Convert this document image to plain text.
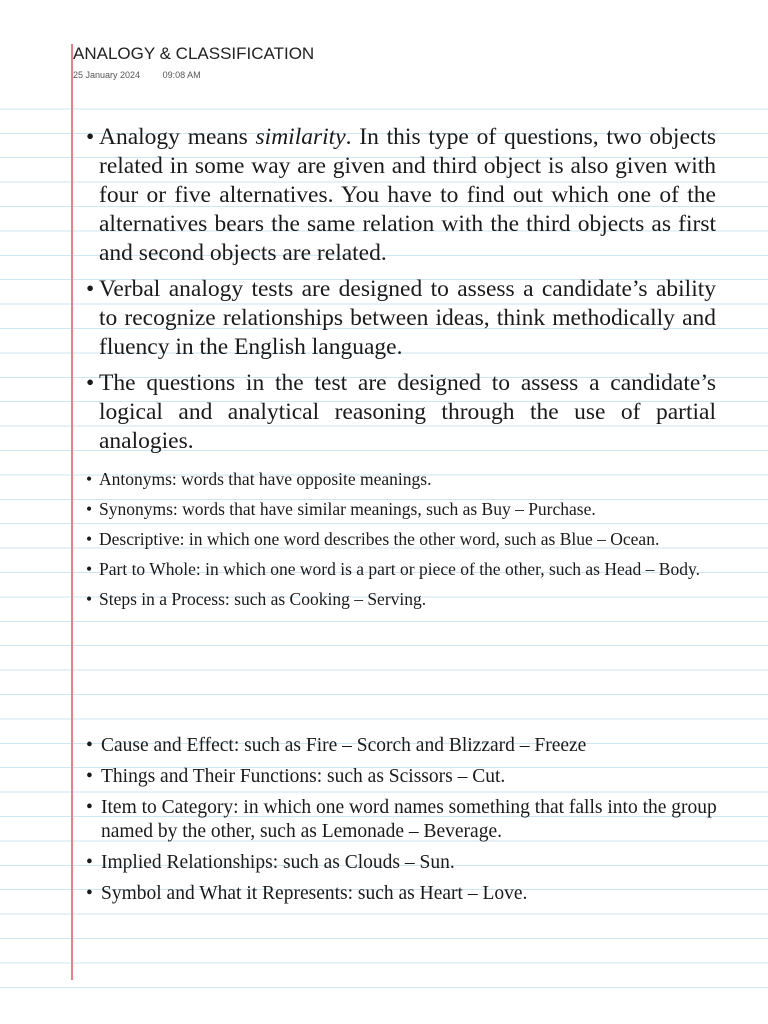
ANALOGY & CLASSIFICATION
25 January 2024	09:08 AM
• Analogy means similarity. In this type of questions, two objects related in some way are given and third object is also given with four or five alternatives. You have to find out which one of the alternatives bears the same relation with the third objects as first and second objects are related.
• Verbal analogy tests are designed to assess a candidate’s ability to recognize relationships between ideas, think methodically and fluency in the English language.
• The questions in the test are designed to assess a candidate’s logical and analytical reasoning through the use of partial analogies.
• Antonyms: words that have opposite meanings.
• Synonyms: words that have similar meanings, such as Buy – Purchase.
• Descriptive: in which one word describes the other word, such as Blue – Ocean.
• Part to Whole: in which one word is a part or piece of the other, such as Head – Body.
• Steps in a Process: such as Cooking – Serving.
• Cause and Effect: such as Fire – Scorch and Blizzard – Freeze
• Things and Their Functions: such as Scissors – Cut.
• Item to Category: in which one word names something that falls into the group named by the other, such as Lemonade – Beverage.
• Implied Relationships: such as Clouds – Sun.
• Symbol and What it Represents: such as Heart – Love.
